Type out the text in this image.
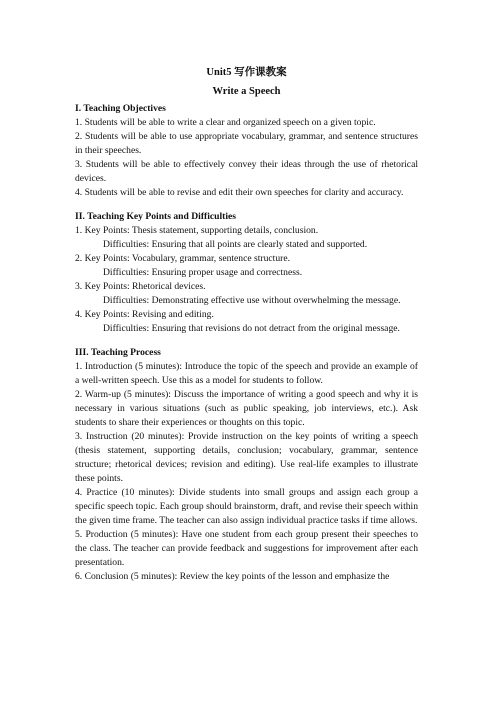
Unit5 写作课教案
Write a Speech

I. Teaching Objectives

1. Students will be able to write a clear and organized speech on a given topic.

2. Students will be able to use appropriate vocabulary, grammar, and sentence structures in their speeches.

3. Students will be able to effectively convey their ideas through the use of rhetorical devices.

4. Students will be able to revise and edit their own speeches for clarity and accuracy.

II. Teaching Key Points and Difficulties

1. Key Points: Thesis statement, supporting details, conclusion.

Difficulties: Ensuring that all points are clearly stated and supported.

2. Key Points: Vocabulary, grammar, sentence structure.

Difficulties: Ensuring proper usage and correctness.

3. Key Points: Rhetorical devices.

Difficulties: Demonstrating effective use without overwhelming the message.

4. Key Points: Revising and editing.

Difficulties: Ensuring that revisions do not detract from the original message.

III. Teaching Process

1. Introduction (5 minutes): Introduce the topic of the speech and provide an example of a well-written speech. Use this as a model for students to follow.

2. Warm-up (5 minutes): Discuss the importance of writing a good speech and why it is necessary in various situations (such as public speaking, job interviews, etc.). Ask students to share their experiences or thoughts on this topic.

3. Instruction (20 minutes): Provide instruction on the key points of writing a speech (thesis statement, supporting details, conclusion; vocabulary, grammar, sentence structure; rhetorical devices; revision and editing). Use real-life examples to illustrate these points.

4. Practice (10 minutes): Divide students into small groups and assign each group a specific speech topic. Each group should brainstorm, draft, and revise their speech within the given time frame. The teacher can also assign individual practice tasks if time allows.

5. Production (5 minutes): Have one student from each group present their speeches to the class. The teacher can provide feedback and suggestions for improvement after each presentation.

6. Conclusion (5 minutes): Review the key points of the lesson and emphasize the
